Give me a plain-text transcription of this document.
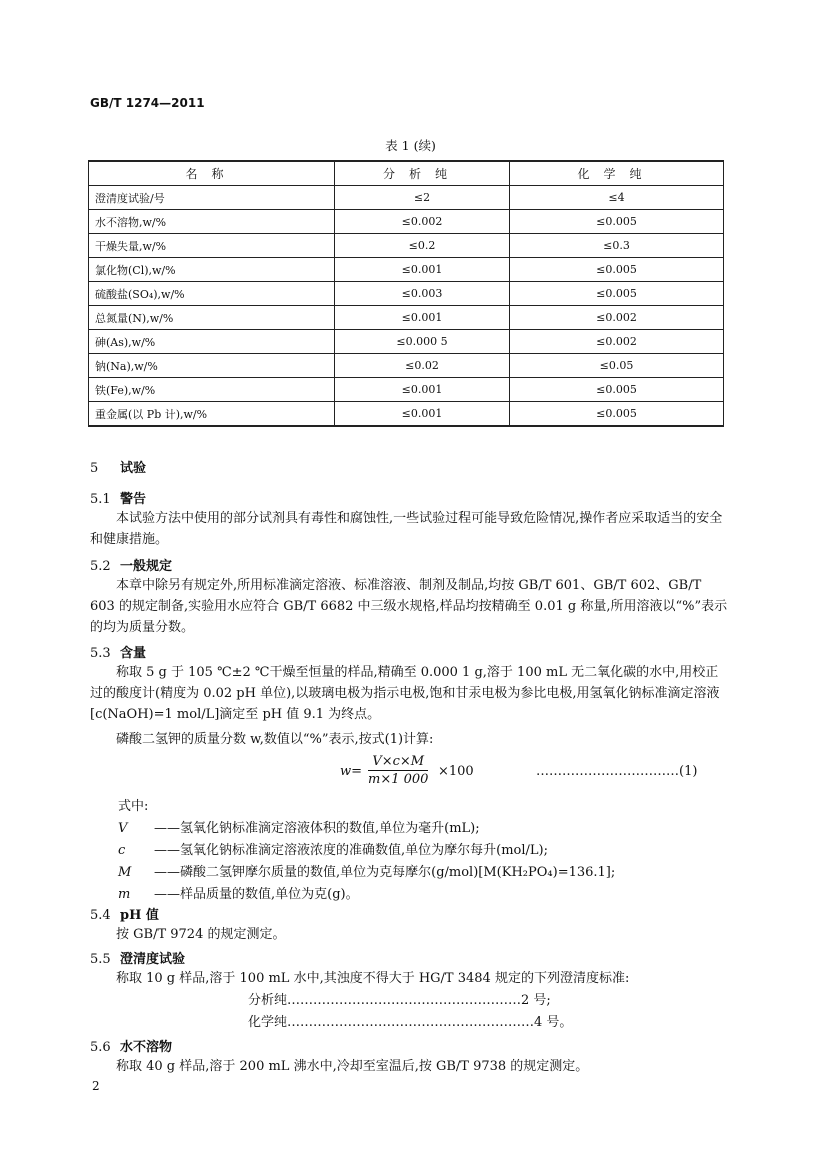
GB/T 1274—2011
表 1 (续)
名称	分析纯	化学纯
澄清度试验/号	≤2	≤4
水不溶物,w/%	≤0.002	≤0.005
干燥失量,w/%	≤0.2	≤0.3
氯化物(Cl),w/%	≤0.001	≤0.005
硫酸盐(SO₄),w/%	≤0.003	≤0.005
总氮量(N),w/%	≤0.001	≤0.002
砷(As),w/%	≤0.000 5	≤0.002
钠(Na),w/%	≤0.02	≤0.05
铁(Fe),w/%	≤0.001	≤0.005
重金属(以 Pb 计),w/%	≤0.001	≤0.005
5 试验
5.1 警告
本试验方法中使用的部分试剂具有毒性和腐蚀性,一些试验过程可能导致危险情况,操作者应采取适当的安全和健康措施。
5.2 一般规定
本章中除另有规定外,所用标准滴定溶液、标准溶液、制剂及制品,均按 GB/T 601、GB/T 602、GB/T 603 的规定制备,实验用水应符合 GB/T 6682 中三级水规格,样品均按精确至 0.01 g 称量,所用溶液以“%”表示的均为质量分数。
5.3 含量
称取 5 g 于 105 ℃±2 ℃干燥至恒量的样品,精确至 0.000 1 g,溶于 100 mL 无二氧化碳的水中,用校正过的酸度计(精度为 0.02 pH 单位),以玻璃电极为指示电极,饱和甘汞电极为参比电极,用氢氧化钠标准滴定溶液[c(NaOH)=1 mol/L]滴定至 pH 值 9.1 为终点。
磷酸二氢钾的质量分数 w,数值以“%”表示,按式(1)计算:
$w= \frac{V\times c\times M}{m\times 1 000} \times 100$	……………………………(1)
式中:
V ——氢氧化钠标准滴定溶液体积的数值,单位为毫升(mL);
c ——氢氧化钠标准滴定溶液浓度的准确数值,单位为摩尔每升(mol/L);
M ——磷酸二氢钾摩尔质量的数值,单位为克每摩尔(g/mol)[M(KH₂PO₄)=136.1];
m ——样品质量的数值,单位为克(g)。
5.4 pH 值
按 GB/T 9724 的规定测定。
5.5 澄清度试验
称取 10 g 样品,溶于 100 mL 水中,其浊度不得大于 HG/T 3484 规定的下列澄清度标准:
分析纯………………………………………………2 号;
化学纯…………………………………………………4 号。
5.6 水不溶物
称取 40 g 样品,溶于 200 mL 沸水中,冷却至室温后,按 GB/T 9738 的规定测定。
2
